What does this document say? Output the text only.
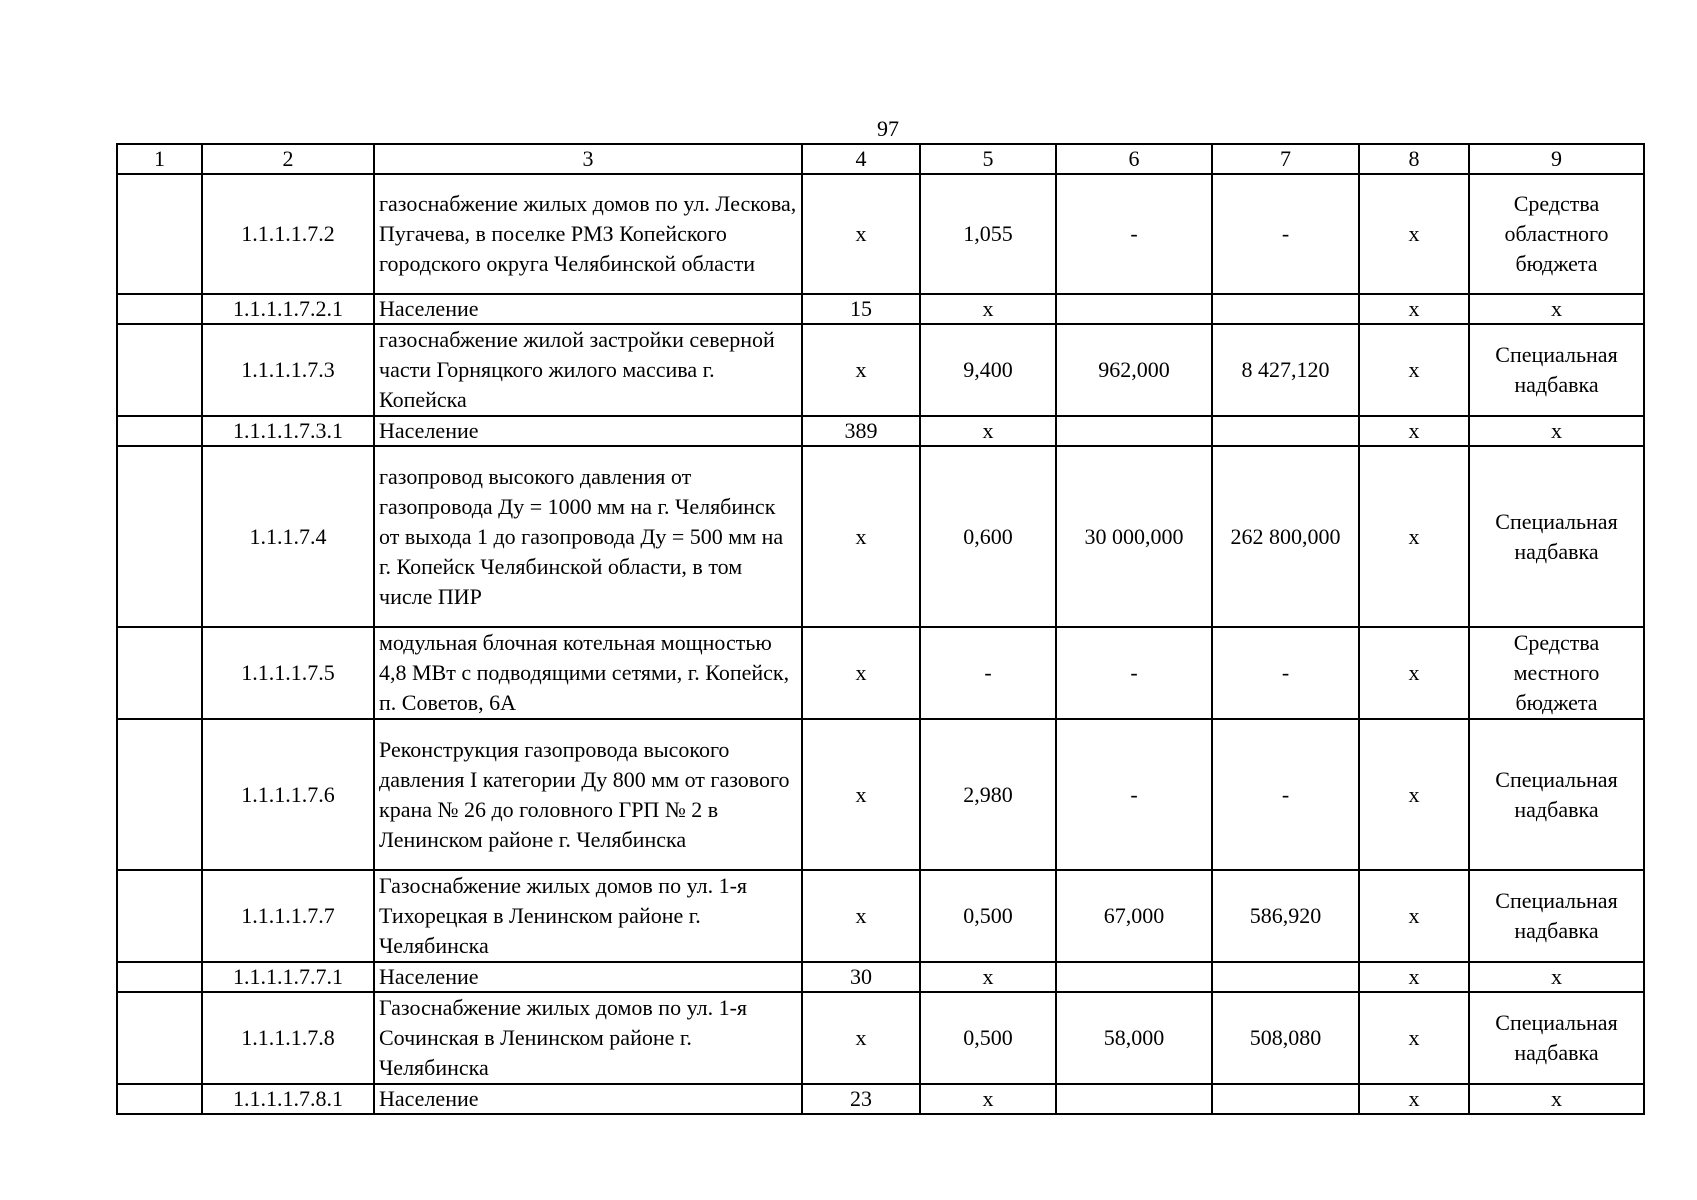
97
1	2	3	4	5	6	7	8	9
	1.1.1.1.7.2	газоснабжение жилых домов по ул. Лескова, Пугачева, в поселке РМЗ Копейского городского округа Челябинской области	x	1,055	-	-	x	Средства областного бюджета
	1.1.1.1.7.2.1	Население	15	x			x	x
	1.1.1.1.7.3	газоснабжение жилой застройки северной части Горняцкого жилого массива г. Копейска	x	9,400	962,000	8 427,120	x	Специальная надбавка
	1.1.1.1.7.3.1	Население	389	x			x	x
	1.1.1.7.4	газопровод высокого давления от газопровода Ду = 1000 мм на г. Челябинск от выхода 1 до газопровода Ду = 500 мм на г. Копейск Челябинской области, в том числе ПИР	x	0,600	30 000,000	262 800,000	x	Специальная надбавка
	1.1.1.1.7.5	модульная блочная котельная мощностью 4,8 МВт с подводящими сетями, г. Копейск, п. Советов, 6А	x	-	-	-	x	Средства местного бюджета
	1.1.1.1.7.6	Реконструкция газопровода высокого давления I категории Ду 800 мм от газового крана № 26 до головного ГРП № 2 в Ленинском районе г. Челябинска	x	2,980	-	-	x	Специальная надбавка
	1.1.1.1.7.7	Газоснабжение жилых домов по ул. 1-я Тихорецкая в Ленинском районе г. Челябинска	x	0,500	67,000	586,920	x	Специальная надбавка
	1.1.1.1.7.7.1	Население	30	x			x	x
	1.1.1.1.7.8	Газоснабжение жилых домов по ул. 1-я Сочинская в Ленинском районе г. Челябинска	x	0,500	58,000	508,080	x	Специальная надбавка
	1.1.1.1.7.8.1	Население	23	x			x	x
